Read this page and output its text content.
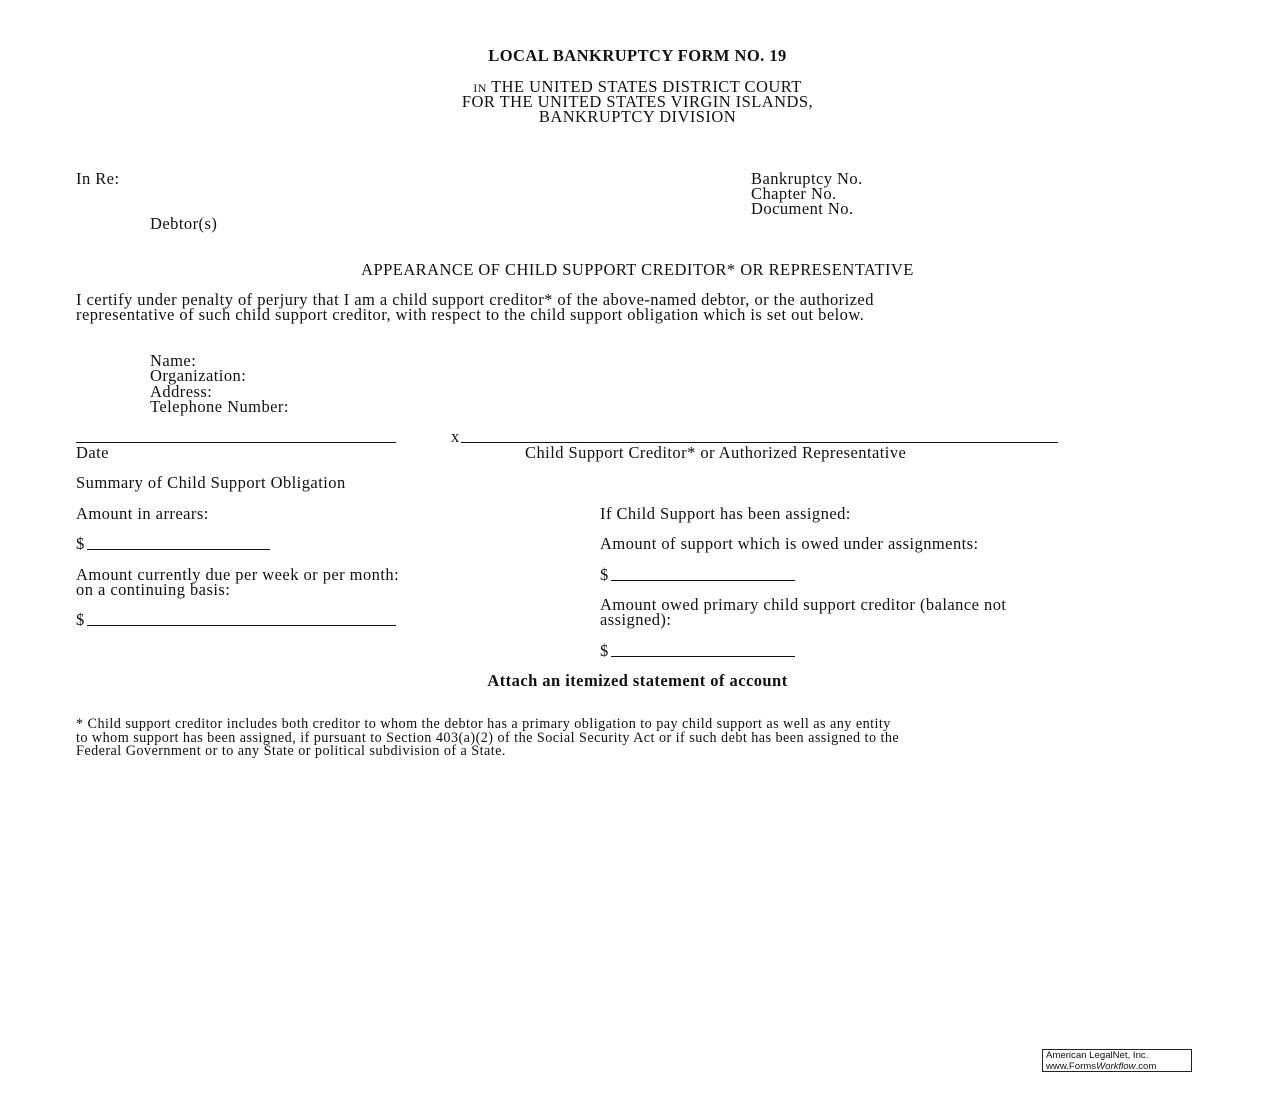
LOCAL BANKRUPTCY FORM NO. 19
IN THE UNITED STATES DISTRICT COURT
FOR THE UNITED STATES VIRGIN ISLANDS,
BANKRUPTCY DIVISION
In Re:
Debtor(s)
Bankruptcy No.
Chapter No.
Document No.
APPEARANCE OF CHILD SUPPORT CREDITOR* OR REPRESENTATIVE
I certify under penalty of perjury that I am a child support creditor* of the above-named debtor, or the authorized
representative of such child support creditor, with respect to the child support obligation which is set out below.
Name:
Organization:
Address:
Telephone Number:
Date
x
Child Support Creditor* or Authorized Representative
Summary of Child Support Obligation
Amount in arrears:
$
Amount currently due per week or per month:
on a continuing basis:
$
If Child Support has been assigned:
Amount of support which is owed under assignments:
$
Amount owed primary child support creditor (balance not
assigned):
$
Attach an itemized statement of account
* Child support creditor includes both creditor to whom the debtor has a primary obligation to pay child support as well as any entity
to whom support has been assigned, if pursuant to Section 403(a)(2) of the Social Security Act or if such debt has been assigned to the
Federal Government or to any State or political subdivision of a State.
American LegalNet, Inc.
www.FormsWorkflow.com
